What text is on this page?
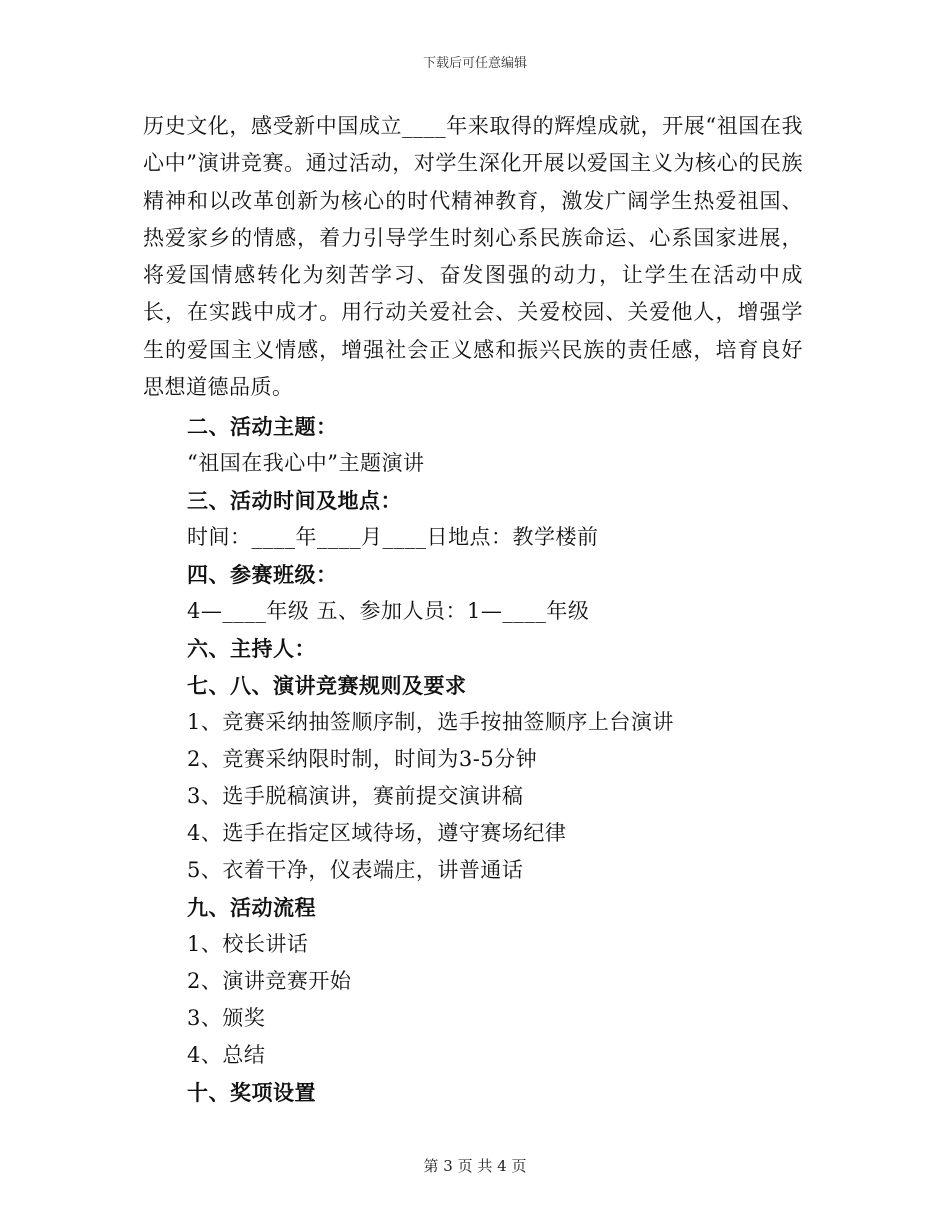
下载后可任意编辑

历史文化，感受新中国成立____年来取得的辉煌成就，开展“祖国在我心中”演讲竞赛。通过活动，对学生深化开展以爱国主义为核心的民族精神和以改革创新为核心的时代精神教育，激发广阔学生热爱祖国、热爱家乡的情感，着力引导学生时刻心系民族命运、心系国家进展，将爱国情感转化为刻苦学习、奋发图强的动力，让学生在活动中成长，在实践中成才。用行动关爱社会、关爱校园、关爱他人，增强学生的爱国主义情感，增强社会正义感和振兴民族的责任感，培育良好思想道德品质。

二、活动主题：
“祖国在我心中”主题演讲
三、活动时间及地点：
时间：____年____月____日地点：教学楼前
四、参赛班级：
4—____年级 五、参加人员：1—____年级
六、主持人：
七、八、演讲竞赛规则及要求
1、竞赛采纳抽签顺序制，选手按抽签顺序上台演讲
2、竞赛采纳限时制，时间为3-5分钟
3、选手脱稿演讲，赛前提交演讲稿
4、选手在指定区域待场，遵守赛场纪律
5、衣着干净，仪表端庄，讲普通话
九、活动流程
1、校长讲话
2、演讲竞赛开始
3、颁奖
4、总结
十、奖项设置
第 3 页 共 4 页
